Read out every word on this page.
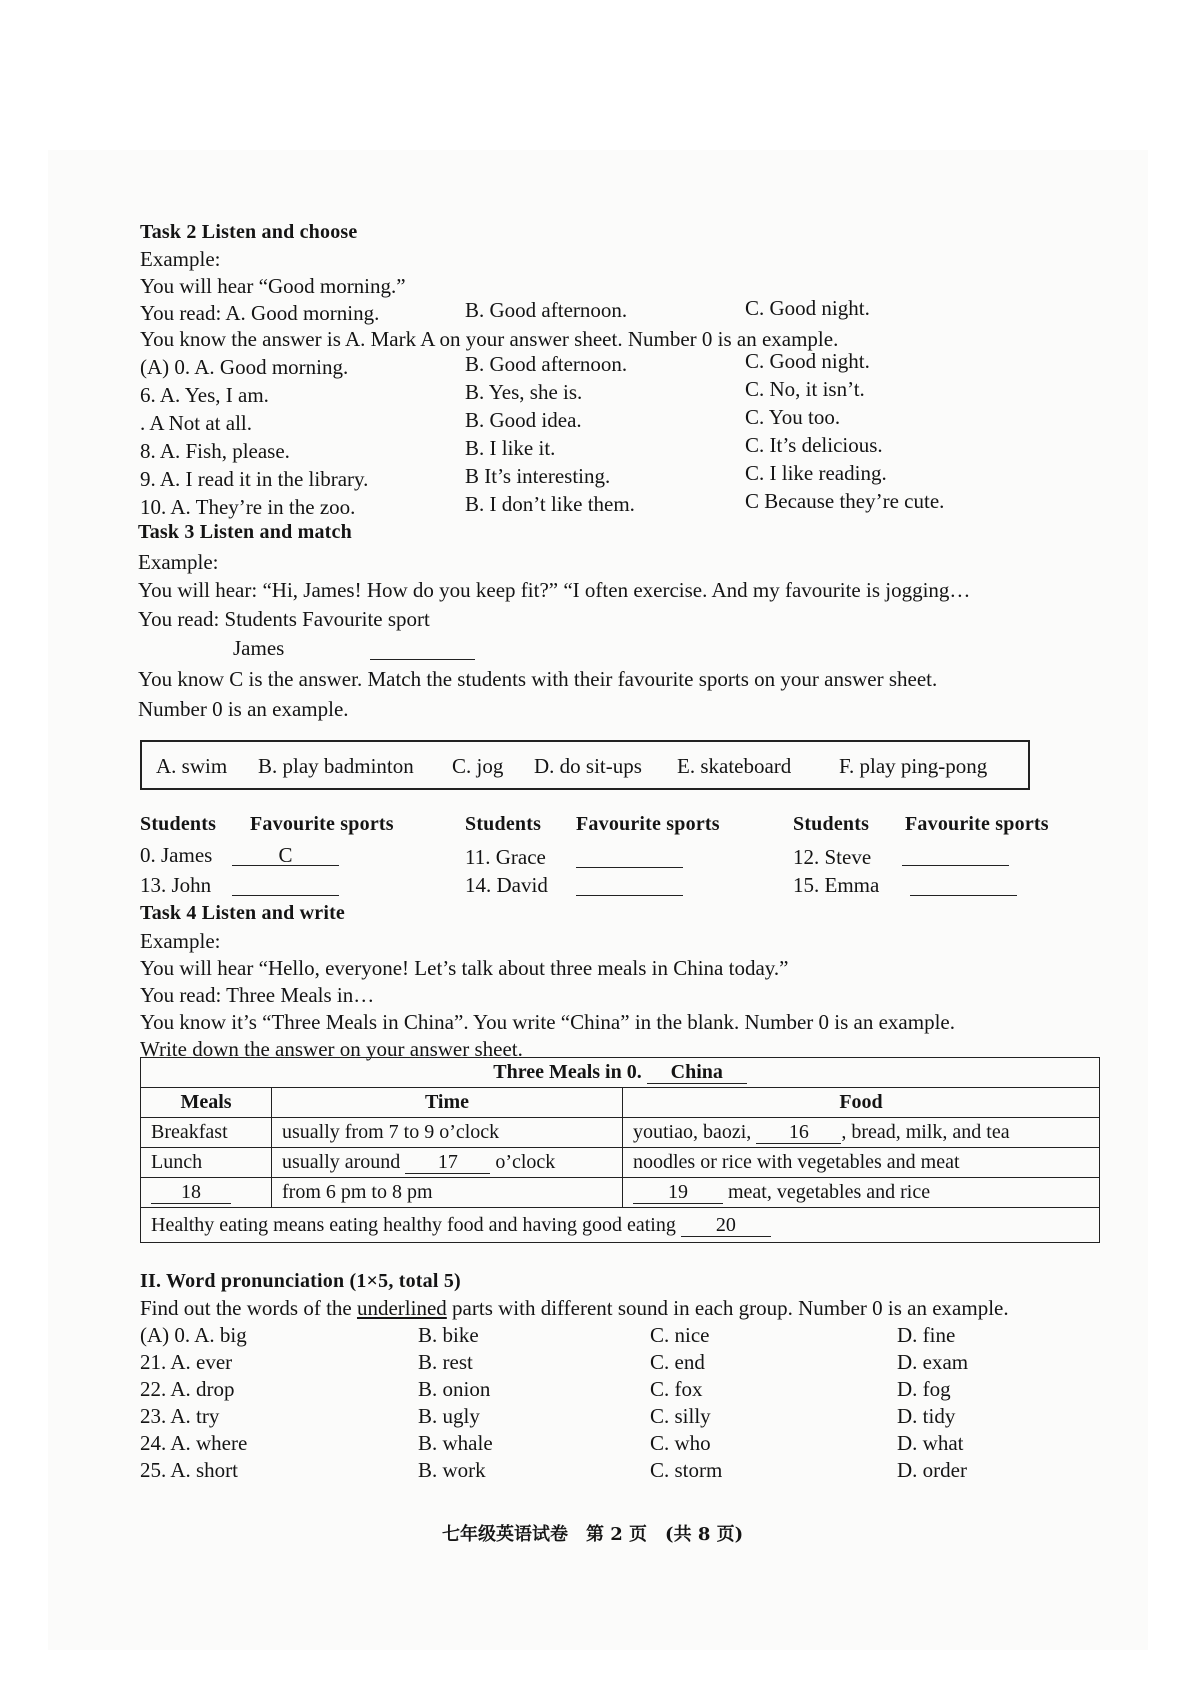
Task 2 Listen and choose
Example:
You will hear “Good morning.”
You read: A. Good morning.	B. Good afternoon.	C. Good night.
You know the answer is A. Mark A on your answer sheet. Number 0 is an example.
(A) 0. A. Good morning.	B. Good afternoon.	C. Good night.
6. A. Yes, I am.	B. Yes, she is.	C. No, it isn’t.
. A Not at all.	B. Good idea.	C. You too.
8. A. Fish, please.	B. I like it.	C. It’s delicious.
9. A. I read it in the library.	B It’s interesting.	C. I like reading.
10. A. They’re in the zoo.	B. I don’t like them.	C Because they’re cute.
Task 3 Listen and match
Example:
You will hear: “Hi, James! How do you keep fit?” “I often exercise. And my favourite is jogging…
You read: Students Favourite sport
James
You know C is the answer. Match the students with their favourite sports on your answer sheet.
Number 0 is an example.
A. swim B. play badminton C. jog D. do sit-ups E. skateboard F. play ping-pong
Students Favourite sports	Students Favourite sports	Students Favourite sports
0. James	C	11. Grace	12. Steve
13. John	14. David	15. Emma
Task 4 Listen and write
Example:
You will hear “Hello, everyone! Let’s talk about three meals in China today.”
You read: Three Meals in…
You know it’s “Three Meals in China”. You write “China” in the blank. Number 0 is an example.
Write down the answer on your answer sheet.
Three Meals in 0. China		
Meals	Time	Food
Breakfast	usually from 7 to 9 o’clock	youtiao, baozi, 16 , bread, milk, and tea
Lunch	usually around 17 o’clock	noodles or rice with vegetables and meat
18	from 6 pm to 8 pm	19 meat, vegetables and rice
Healthy eating means eating healthy food and having good eating 20		
II. Word pronunciation (1×5, total 5)
Find out the words of the underlined parts with different sound in each group. Number 0 is an example.
(A) 0. A. big	B. bike	C. nice	D. fine
21. A. ever	B. rest	C. end	D. exam
22. A. drop	B. onion	C. fox	D. fog
23. A. try	B. ugly	C. silly	D. tidy
24. A. where	B. whale	C. who	D. what
25. A. short	B. work	C. storm	D. order
七年级英语试卷　第 2 页　(共 8 页)
